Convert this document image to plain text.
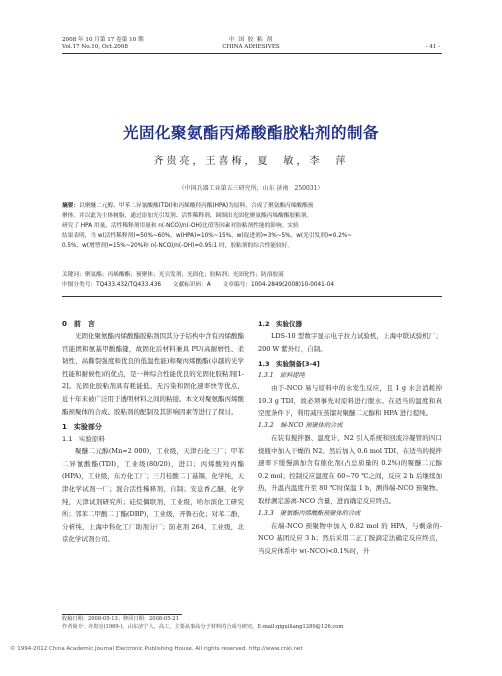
2008 年 10 月第 17 卷第 10 期
Vol.17 No.10, Oct.2008
中 国 胶 粘 剂
CHINA ADHESIVES	- 41 -
光固化聚氨酯丙烯酸酯胶粘剂的制备
齐贵亮，王喜梅，夏　敏，李　萍
（中国兵器工业第五三研究所，山东 济南　250031）
摘要：以聚醚二元醇、甲苯二异氰酸酯(TDI)和丙烯酸羟丙酯(HPA)为原料，合成了聚氨酯丙烯酸酯预
聚体。并以此为主体树脂，通过添加光引发剂、活性稀释剂，调制出光固化聚氨酯丙烯酸酯胶粘剂。
研究了 HPA 用量、活性稀释剂用量和 n(-NCO)/n(-OH)比值等因素对胶粘剂性能的影响。实验
结果表明，当 w(活性稀释剂)=50%~60%、w(HPA)=10%~15%、w(促进剂)=3%~5%、w(光引发剂)=0.2%~
0.5%、w(增塑剂)=15%~20%和 n(-NCO)/n(-OH)=0.95:1 时，胶粘剂的综合性能较好。
关键词：聚氨酯；丙烯酸酯；预聚体；光引发剂；光固化；胶粘剂；光固化性；防溶胶液
中图分类号：TQ433.432/TQ433.436 文献标识码：A 文章编号：1004-2849(2008)10-0041-04
0　前　言

光固化聚氨酯丙烯酸酯胶粘剂因其分子结构中含有丙烯酸酯官能团和氨基甲酸酯键，故固化后材料兼具 PU(高耐磨性、柔韧性、高撕裂强度和优良的低温性能)和聚丙烯酸酯(卓越的光学性能和耐候性)的优点，是一种综合性能优良的光固化胶粘剂[1-2]。光固化胶粘剂具有耗能低、无污染和固化速率快等优点，近十年来被广泛用于透明材料之间的粘接。本文对聚氨酯丙烯酸酯预聚体的合成、胶粘剂的配制及其影响因素等进行了探讨。

1　实验部分
1.1　实验原料

聚醚二元醇(Mn=2 000)，工业级，天津石化三厂；甲苯二异氰酸酯(TDI)，工业级(80/20)，进口；丙烯酸羟丙酯(HPA)，工业级，东方化工厂；三月桂酸二丁基锡，化学纯，天津化学试剂一厂；混合活性稀释剂，自制；安息香乙醚，化学纯，天津试剂研究所；硅烷偶联剂，工业级，哈尔滨化工研究所；邻苯二甲酸二丁酯(DBP)，工业级，齐鲁石化；对苯二酚，分析纯，上海中科化工厂助剂分厂；防老剂 264，工业级，北京化学试剂公司。

1.2　实验仪器

LDS-10 型数字显示电子拉力试验机，上海中联试验机厂；200 W 紫外灯，自制。

1.3　实验制备[3-4]
1.3.1　原料提纯

由于-NCO 易与原料中的水发生反应，且 1 g 水会消耗掉 19.3 g TDI，故必须事先对原料进行脱水。在适当的温度和真空度条件下，利用减压蒸馏对聚醚二元醇和 HPA 进行提纯。

1.3.2　端-NCO 预聚体的合成

在装有搅拌器、温度计、N2 引入系统和回流冷凝管的四口烧瓶中加入干燥的 N2。然后加入 0.6 mol TDI，在适当的搅拌速率下缓慢滴加含有催化剂(占总质量的 0.2%)的聚醚二元醇 0.2 mol；控制反应温度在 60~70 ℃之间，反应 2 h 后继续加热，升温内温度升至 80 ℃时保温 1 h，测得端-NCO 预聚物。取样测定游离-NCO 含量，进而确定反应终点。

1.3.3　聚氨酯丙烯酸酯预聚体的合成

在端-NCO 预聚物中加入 0.82 mol 的 HPA，与剩余的-NCO 基团反应 3 h；然后采用二正丁胺滴定法确定反应终点，当反应体系中 w(-NCO)<0.1%时，升

收稿日期：2008-05-13；修回日期：2008-05-21
作者简介：齐贵亮(1969-)，山东济宁人，高工，主要从事高分子材料的合成与研究。E-mail:qiguiliang1289@126.com
© 1994-2012 China Academic Journal Electronic Publishing House. All rights reserved. http://www.cnki.net
